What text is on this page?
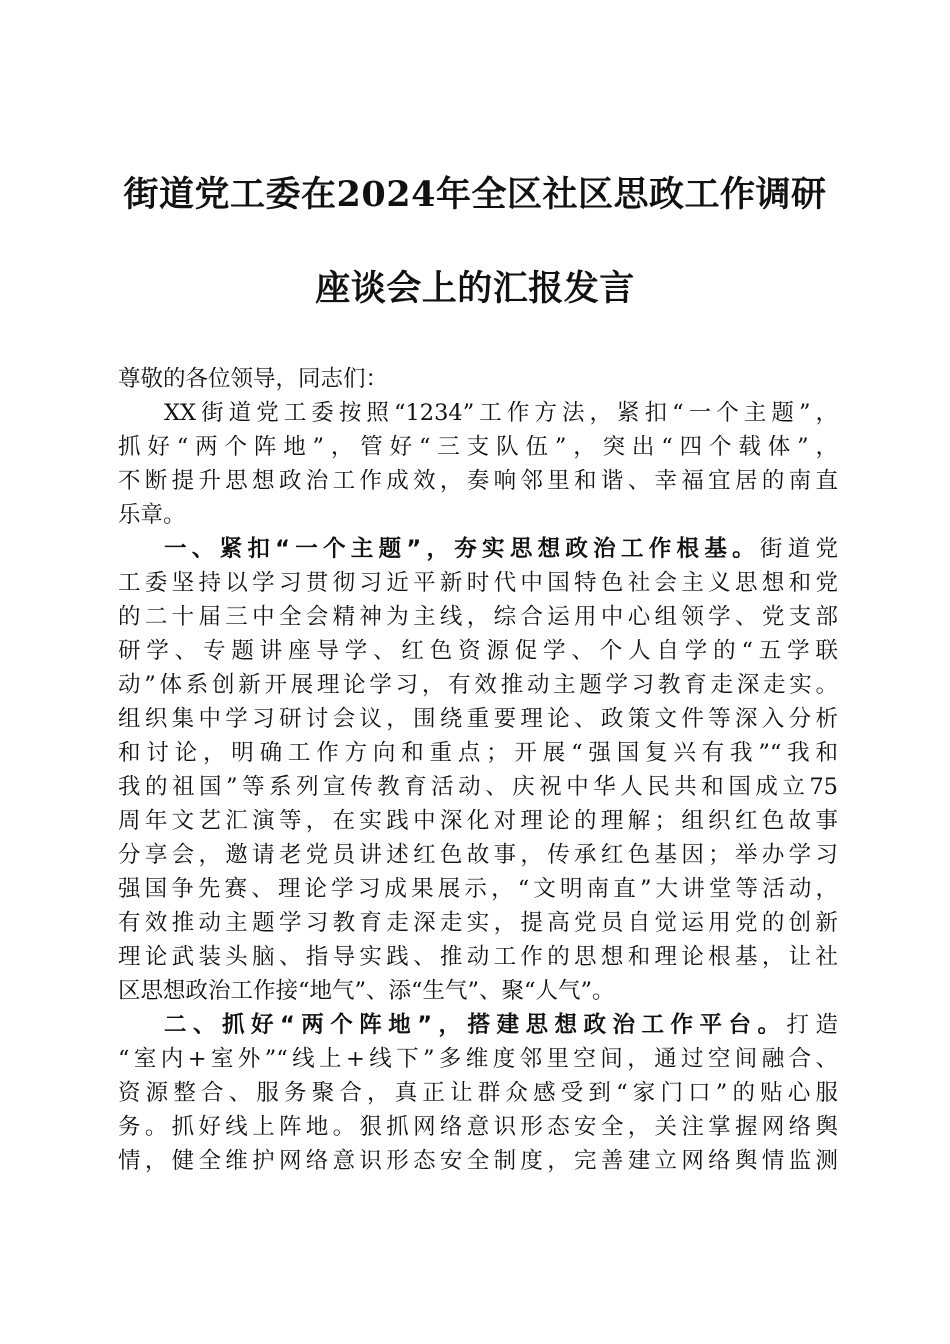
街道党工委在2024年全区社区思政工作调研
座谈会上的汇报发言
尊敬的各位领导，同志们：
XX街道党工委按照“1234”工作方法，紧扣“一个主题”，
抓好“两个阵地”，管好“三支队伍”，突出“四个载体”，
不断提升思想政治工作成效，奏响邻里和谐、幸福宜居的南直
乐章。
一、紧扣“一个主题”，夯实思想政治工作根基。街道党
工委坚持以学习贯彻习近平新时代中国特色社会主义思想和党
的二十届三中全会精神为主线，综合运用中心组领学、党支部
研学、专题讲座导学、红色资源促学、个人自学的“五学联
动”体系创新开展理论学习，有效推动主题学习教育走深走实。
组织集中学习研讨会议，围绕重要理论、政策文件等深入分析
和讨论，明确工作方向和重点；开展“强国复兴有我”“我和
我的祖国”等系列宣传教育活动、庆祝中华人民共和国成立75
周年文艺汇演等，在实践中深化对理论的理解；组织红色故事
分享会，邀请老党员讲述红色故事，传承红色基因；举办学习
强国争先赛、理论学习成果展示，“文明南直”大讲堂等活动，
有效推动主题学习教育走深走实，提高党员自觉运用党的创新
理论武装头脑、指导实践、推动工作的思想和理论根基，让社
区思想政治工作接“地气”、添“生气”、聚“人气”。
二、抓好“两个阵地”，搭建思想政治工作平台。打造
“室内+室外”“线上+线下”多维度邻里空间，通过空间融合、
资源整合、服务聚合，真正让群众感受到“家门口”的贴心服
务。抓好线上阵地。狠抓网络意识形态安全，关注掌握网络舆
情，健全维护网络意识形态安全制度，完善建立网络舆情监测
